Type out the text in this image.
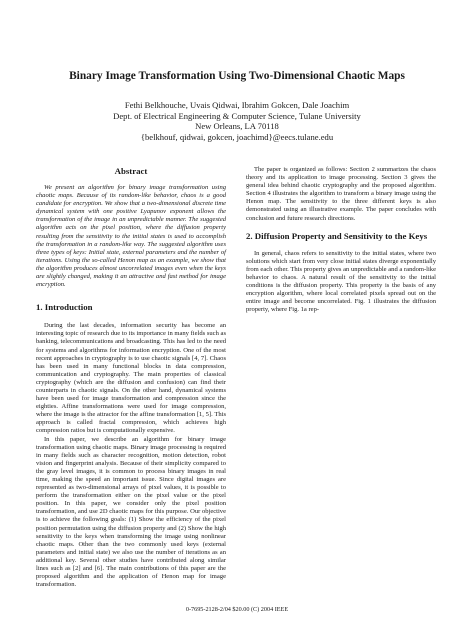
Binary Image Transformation Using Two-Dimensional Chaotic Maps
Fethi Belkhouche, Uvais Qidwai, Ibrahim Gokcen, Dale Joachim
Dept. of Electrical Engineering & Computer Science, Tulane University
New Orleans, LA 70118
{belkhouf, qidwai, gokcen, joachimd}@eecs.tulane.edu
Abstract

We present an algorithm for binary image transformation using chaotic maps. Because of its random-like behavior, chaos is a good candidate for encryption. We show that a two-dimensional discrete time dynamical system with one positive Lyapunov exponent allows the transformation of the image in an unpredictable manner. The suggested algorithm acts on the pixel position, where the diffusion property resulting from the sensitivity to the initial states is used to accomplish the transformation in a random-like way. The suggested algorithm uses three types of keys: Initial state, external parameters and the number of iterations. Using the so-called Henon map as an example, we show that the algorithm produces almost uncorrelated images even when the keys are slightly changed, making it an attractive and fast method for image encryption.

1. Introduction

During the last decades, information security has become an interesting topic of research due to its importance in many fields such as banking, telecommunications and broadcasting. This has led to the need for systems and algorithms for information encryption. One of the most recent approaches in cryptography is to use chaotic signals [4, 7]. Chaos has been used in many functional blocks in data compression, communication and cryptography. The main properties of classical cryptography (which are the diffusion and confusion) can find their counterparts in chaotic signals. On the other hand, dynamical systems have been used for image transformation and compression since the eighties. Affine transformations were used for image compression, where the image is the attractor for the affine transformation [1, 5]. This approach is called fractal compression, which achieves high compression ratios but is computationally expensive.

In this paper, we describe an algorithm for binary image transformation using chaotic maps. Binary image processing is required in many fields such as character recognition, motion detection, robot vision and fingerprint analysis. Because of their simplicity compared to the gray level images, it is common to process binary images in real time, making the speed an important issue. Since digital images are represented as two-dimensional arrays of pixel values, it is possible to perform the transformation either on the pixel value or the pixel position. In this paper, we consider only the pixel position transformation, and use 2D chaotic maps for this purpose. Our objective is to achieve the following goals: (1) Show the efficiency of the pixel position permutation using the diffusion property and (2) Show the high sensitivity to the keys when transforming the image using nonlinear chaotic maps. Other than the two commonly used keys (external parameters and initial state) we also use the number of iterations as an additional key. Several other studies have contributed along similar lines such as [2] and [6]. The main contributions of this paper are the proposed algorithm and the application of Henon map for image transformation.

The paper is organized as follows: Section 2 summarizes the chaos theory and its application to image processing. Section 3 gives the general idea behind chaotic cryptography and the proposed algorithm. Section 4 illustrates the algorithm to transform a binary image using the Henon map. The sensitivity to the three different keys is also demonstrated using an illustrative example. The paper concludes with conclusion and future research directions.

2. Diffusion Property and Sensitivity to the Keys

In general, chaos refers to sensitivity to the initial states, where two solutions which start from very close initial states diverge exponentially from each other. This property gives an unpredictable and a random-like behavior to chaos. A natural result of the sensitivity to the initial conditions is the diffusion property. This property is the basis of any encryption algorithm, where local correlated pixels spread out on the entire image and become uncorrelated. Fig. 1 illustrates the diffusion property, where Fig. 1a rep-

0-7695-2128-2/04 $20.00 (C) 2004 IEEE
